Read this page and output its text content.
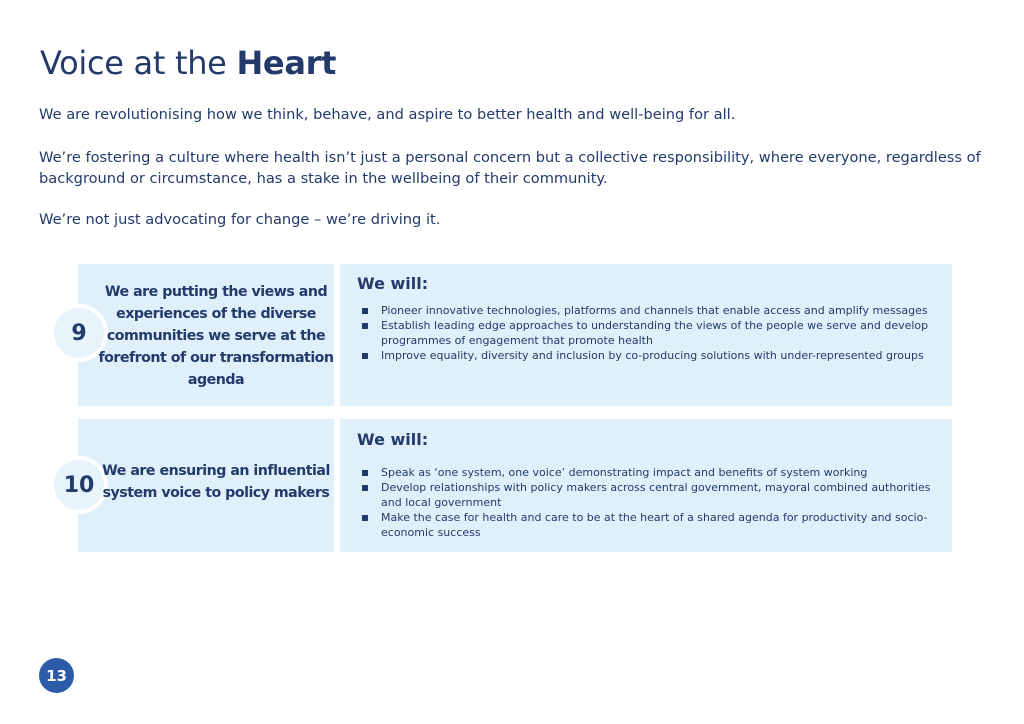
Voice at the Heart

We are revolutionising how we think, behave, and aspire to better health and well-being for all.

We’re fostering a culture where health isn’t just a personal concern but a collective responsibility, where everyone, regardless of background or circumstance, has a stake in the wellbeing of their community.

We’re not just advocating for change – we’re driving it.

9
We are putting the views and experiences of the diverse communities we serve at the forefront of our transformation agenda
We will:
Pioneer innovative technologies, platforms and channels that enable access and amplify messages
Establish leading edge approaches to understanding the views of the people we serve and develop programmes of engagement that promote health
Improve equality, diversity and inclusion by co-producing solutions with under-represented groups
10
We are ensuring an influential system voice to policy makers
We will:
Speak as ‘one system, one voice’ demonstrating impact and benefits of system working
Develop relationships with policy makers across central government, mayoral combined authorities and local government
Make the case for health and care to be at the heart of a shared agenda for productivity and socio-economic success
13
